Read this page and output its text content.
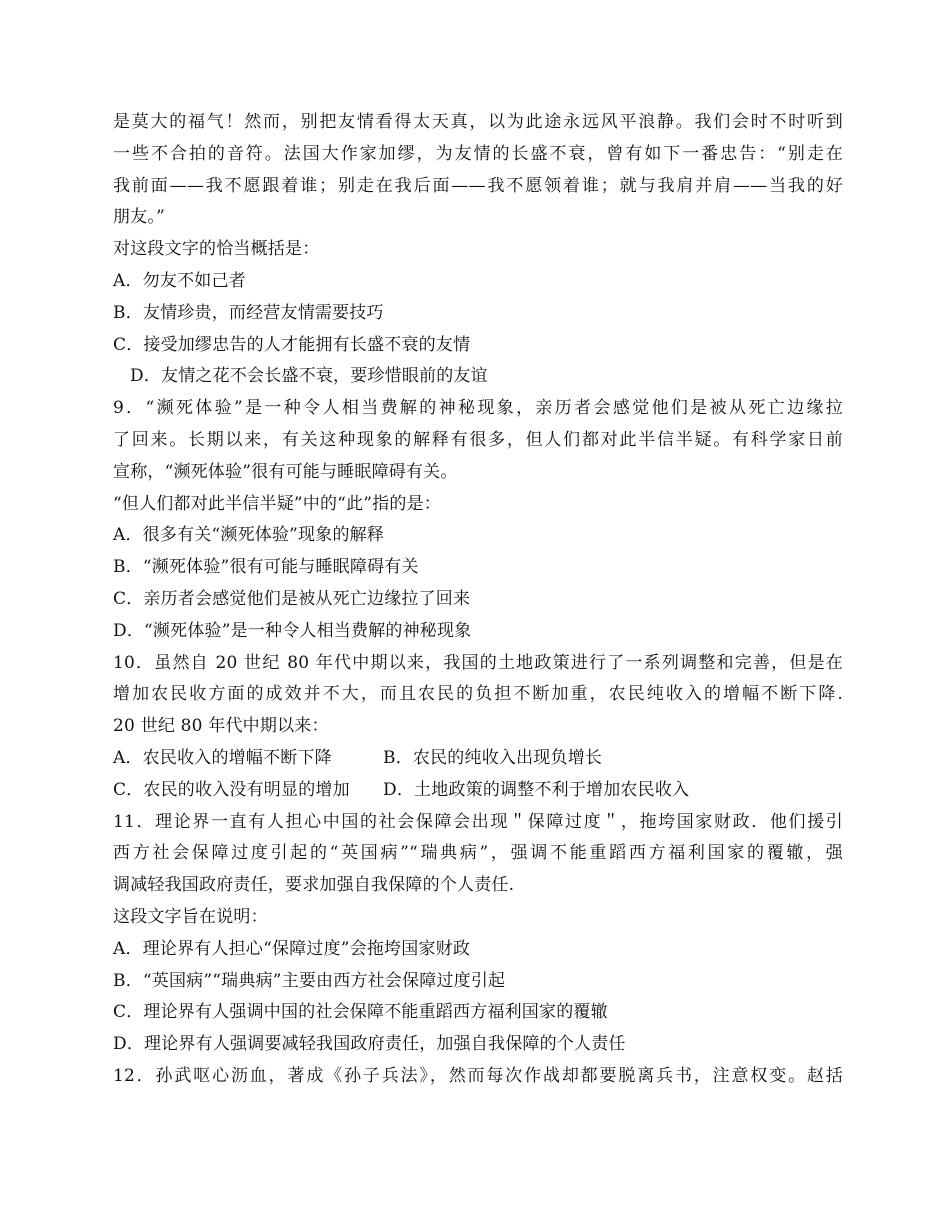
是莫大的福气！然而，别把友情看得太天真，以为此途永远风平浪静。我们会时不时听到
一些不合拍的音符。法国大作家加缪，为友情的长盛不衰，曾有如下一番忠告：“别走在
我前面——我不愿跟着谁；别走在我后面——我不愿领着谁；就与我肩并肩——当我的好
朋友。”
对这段文字的恰当概括是：
A．勿友不如己者
B．友情珍贵，而经营友情需要技巧
C．接受加缪忠告的人才能拥有长盛不衰的友情
D．友情之花不会长盛不衰，要珍惜眼前的友谊
9．“濒死体验”是一种令人相当费解的神秘现象，亲历者会感觉他们是被从死亡边缘拉
了回来。长期以来，有关这种现象的解释有很多，但人们都对此半信半疑。有科学家日前
宣称，“濒死体验”很有可能与睡眠障碍有关。
“但人们都对此半信半疑”中的“此”指的是：
A．很多有关“濒死体验”现象的解释
B．“濒死体验”很有可能与睡眠障碍有关
C．亲历者会感觉他们是被从死亡边缘拉了回来
D．“濒死体验”是一种令人相当费解的神秘现象
10．虽然自 20 世纪 80 年代中期以来，我国的土地政策进行了一系列调整和完善，但是在
增加农民收方面的成效并不大，而且农民的负担不断加重，农民纯收入的增幅不断下降.
20 世纪 80 年代中期以来：
A．农民收入的增幅不断下降	B．农民的纯收入出现负增长
C．农民的收入没有明显的增加 D．土地政策的调整不利于增加农民收入
11．理论界一直有人担心中国的社会保障会出现＂保障过度＂，拖垮国家财政．他们援引
西方社会保障过度引起的“英国病”“瑞典病”，强调不能重蹈西方福利国家的覆辙，强
调减轻我国政府责任，要求加强自我保障的个人责任.
这段文字旨在说明：
A．理论界有人担心“保障过度”会拖垮国家财政
B．“英国病”“瑞典病”主要由西方社会保障过度引起
C．理论界有人强调中国的社会保障不能重蹈西方福利国家的覆辙
D．理论界有人强调要减轻我国政府责任，加强自我保障的个人责任
12．孙武呕心沥血，著成《孙子兵法》，然而每次作战却都要脱离兵书，注意权变。赵括
